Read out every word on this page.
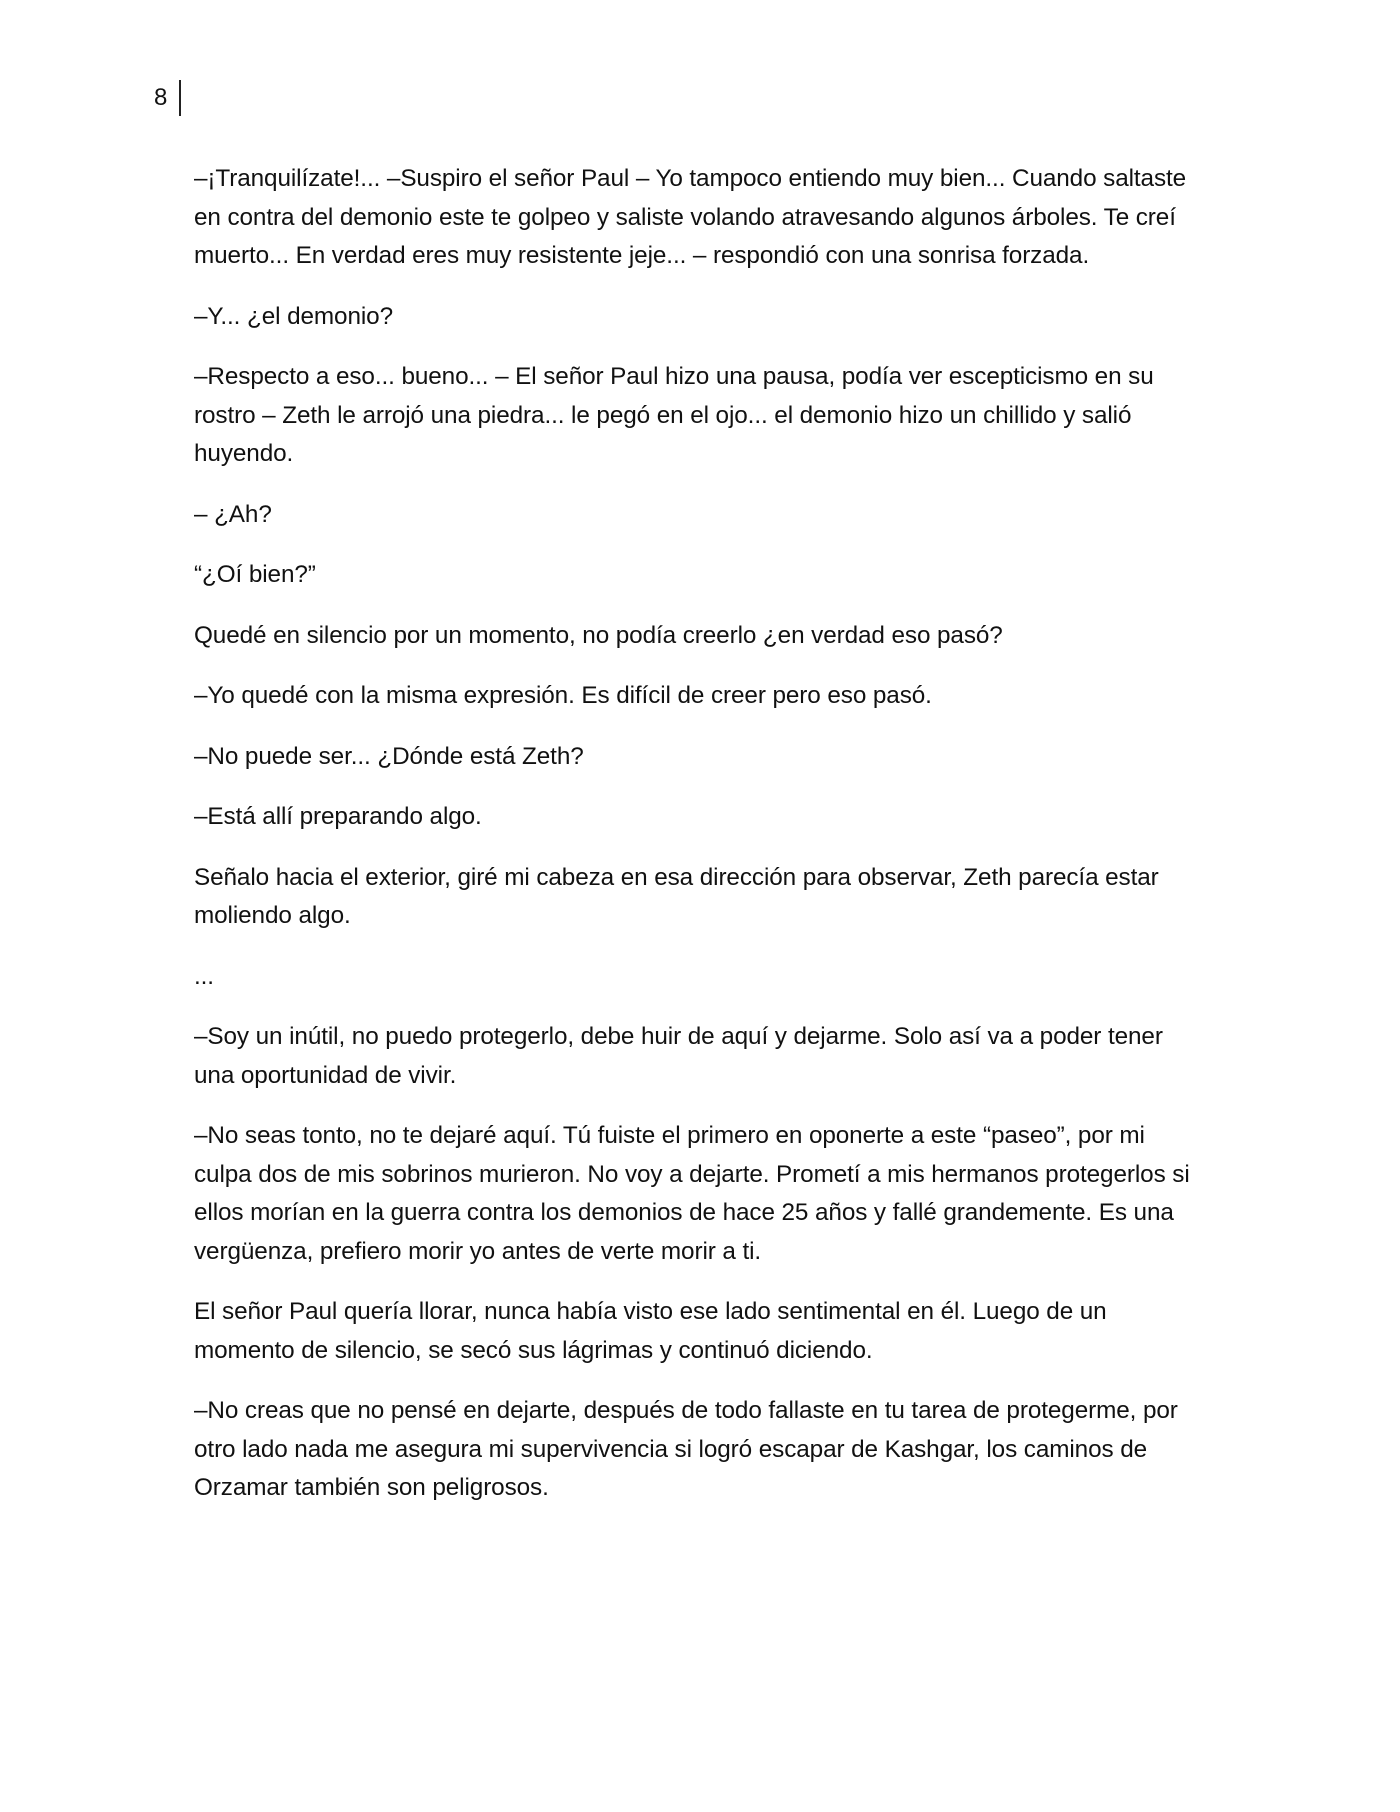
8

–¡Tranquilízate!... –Suspiro el señor Paul – Yo tampoco entiendo muy bien... Cuando saltaste en contra del demonio este te golpeo y saliste volando atravesando algunos árboles. Te creí muerto... En verdad eres muy resistente jeje... – respondió con una sonrisa forzada.

–Y... ¿el demonio?

–Respecto a eso... bueno... – El señor Paul hizo una pausa, podía ver escepticismo en su rostro – Zeth le arrojó una piedra... le pegó en el ojo... el demonio hizo un chillido y salió huyendo.

– ¿Ah?

“¿Oí bien?”

Quedé en silencio por un momento, no podía creerlo ¿en verdad eso pasó?

–Yo quedé con la misma expresión. Es difícil de creer pero eso pasó.

–No puede ser... ¿Dónde está Zeth?

–Está allí preparando algo.

Señalo hacia el exterior, giré mi cabeza en esa dirección para observar, Zeth parecía estar moliendo algo.

...

–Soy un inútil, no puedo protegerlo, debe huir de aquí y dejarme. Solo así va a poder tener una oportunidad de vivir.

–No seas tonto, no te dejaré aquí. Tú fuiste el primero en oponerte a este “paseo”, por mi culpa dos de mis sobrinos murieron. No voy a dejarte. Prometí a mis hermanos protegerlos si ellos morían en la guerra contra los demonios de hace 25 años y fallé grandemente. Es una vergüenza, prefiero morir yo antes de verte morir a ti.

El señor Paul quería llorar, nunca había visto ese lado sentimental en él. Luego de un momento de silencio, se secó sus lágrimas y continuó diciendo.

–No creas que no pensé en dejarte, después de todo fallaste en tu tarea de protegerme, por otro lado nada me asegura mi supervivencia si logró escapar de Kashgar, los caminos de Orzamar también son peligrosos.
